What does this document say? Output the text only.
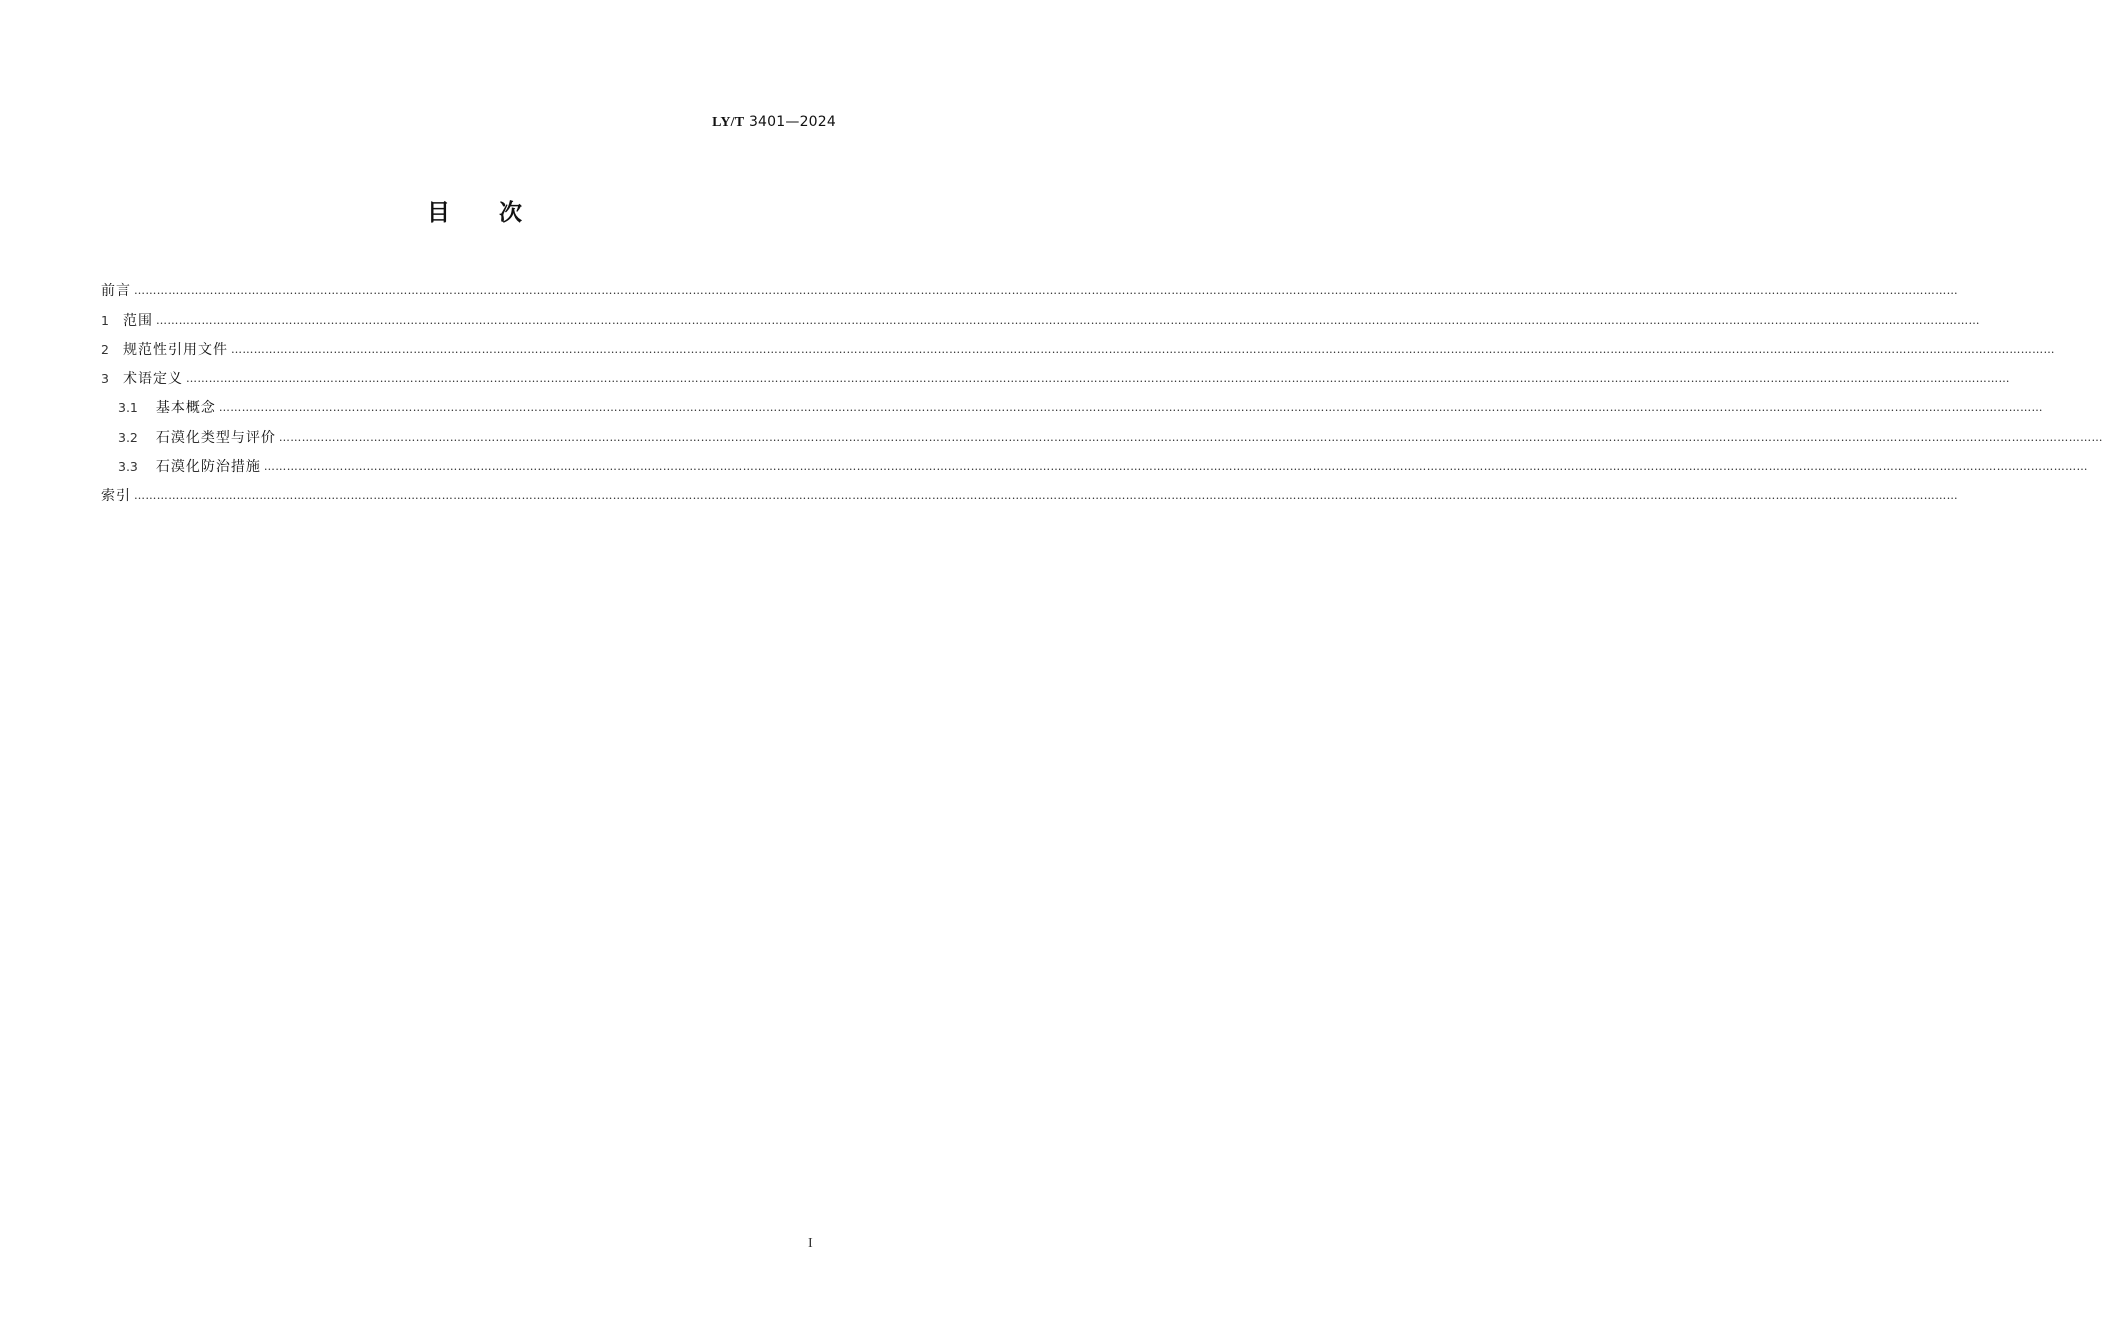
LY/T 3401—2024
目 次
前言 …………………………………………………………………………………………………………………………………………………………………………………………………………………………………………………………………………………………………………………………………………………………………………………………………………………………………………
1 范围 …………………………………………………………………………………………………………………………………………………………………………………………………………………………………………………………………………………………………………………………………………………………………………………………………………………………………………
2 规范性引用文件 …………………………………………………………………………………………………………………………………………………………………………………………………………………………………………………………………………………………………………………………………………………………………………………………………………………………………………
3 术语定义 …………………………………………………………………………………………………………………………………………………………………………………………………………………………………………………………………………………………………………………………………………………………………………………………………………………………………………
3.1 基本概念 …………………………………………………………………………………………………………………………………………………………………………………………………………………………………………………………………………………………………………………………………………………………………………………………………………………………………………
3.2 石漠化类型与评价 …………………………………………………………………………………………………………………………………………………………………………………………………………………………………………………………………………………………………………………………………………………………………………………………………………………………………………
3.3 石漠化防治措施 …………………………………………………………………………………………………………………………………………………………………………………………………………………………………………………………………………………………………………………………………………………………………………………………………………………………………………
索引 …………………………………………………………………………………………………………………………………………………………………………………………………………………………………………………………………………………………………………………………………………………………………………………………………………………………………………
I
